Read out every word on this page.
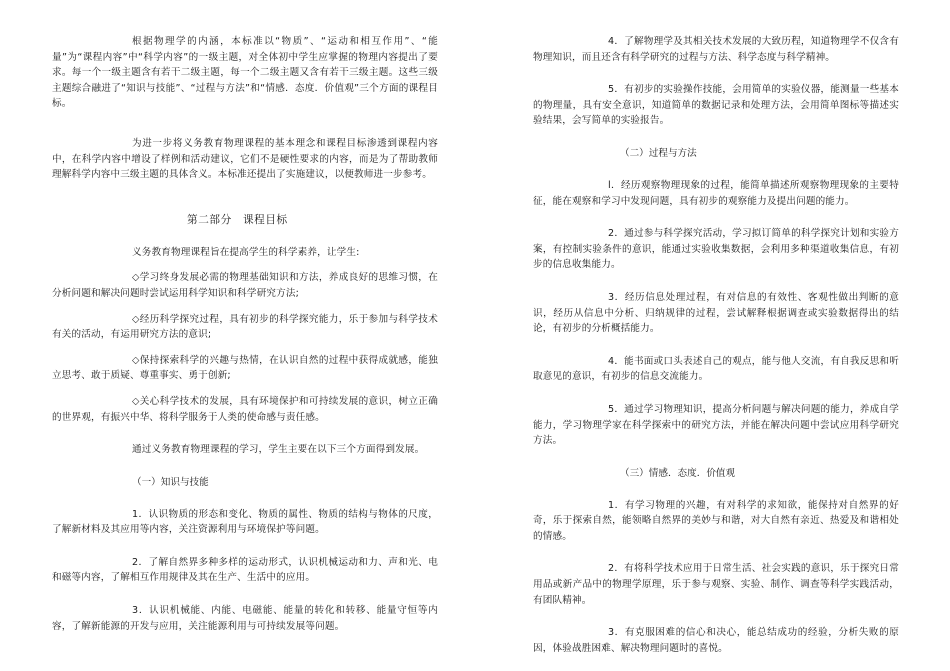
根据物理学的内涵，本标准以“物质”、“运动和相互作用”、“能量”为“课程内容”中“科学内容”的一级主题，对全体初中学生应掌握的物理内容提出了要求。每一个一级主题含有若干二级主题，每一个二级主题又含有若干三级主题。这些三级主题综合融进了“知识与技能”、“过程与方法”和“情感．态度．价值观”三个方面的课程目标。

为进一步将义务教育物理课程的基本理念和课程目标渗透到课程内容中，在科学内容中增设了样例和活动建议，它们不是硬性要求的内容，而是为了帮助教师理解科学内容中三级主题的具体含义。本标准还提出了实施建议，以便教师进一步参考。

第二部分　课程目标

义务教育物理课程旨在提高学生的科学素养，让学生:

◇学习终身发展必需的物理基础知识和方法，养成良好的思维习惯，在分析问题和解决问题时尝试运用科学知识和科学研究方法;

◇经历科学探究过程，具有初步的科学探究能力，乐于参加与科学技术有关的活动，有运用研究方法的意识;

◇保持探索科学的兴趣与热情，在认识自然的过程中获得成就感，能独立思考、敢于质疑、尊重事实、勇于创新;

◇关心科学技术的发展，具有环境保护和可持续发展的意识，树立正确的世界观，有振兴中华、将科学服务于人类的使命感与责任感。

通过义务教育物理课程的学习，学生主要在以下三个方面得到发展。

（一）知识与技能

1．认识物质的形态和变化、物质的属性、物质的结构与物体的尺度，了解新材料及其应用等内容，关注资源利用与环境保护等问题。

2．了解自然界多种多样的运动形式，认识机械运动和力、声和光、电和磁等内容，了解相互作用规律及其在生产、生活中的应用。

3．认识机械能、内能、电磁能、能量的转化和转移、能量守恒等内容，了解新能源的开发与应用，关注能源利用与可持续发展等问题。

4．了解物理学及其相关技术发展的大致历程，知道物理学不仅含有物理知识，而且还含有科学研究的过程与方法、科学态度与科学精神。

5．有初步的实验操作技能，会用简单的实验仪器，能测量一些基本的物理量，具有安全意识，知道简单的数据记录和处理方法，会用简单图标等描述实验结果，会写简单的实验报告。

（二）过程与方法

l．经历观察物理现象的过程，能简单描述所观察物理现象的主要特征，能在观察和学习中发现问题，具有初步的观察能力及提出问题的能力。

2．通过参与科学探究活动，学习拟订简单的科学探究计划和实验方案，有控制实验条件的意识，能通过实验收集数据，会利用多种渠道收集信息，有初步的信息收集能力。

3．经历信息处理过程，有对信息的有效性、客观性做出判断的意识，经历从信息中分析、归纳规律的过程，尝试解释根据调查或实验数据得出的结论，有初步的分析概括能力。

4．能书面或口头表述自己的观点，能与他人交流，有自我反思和听取意见的意识，有初步的信息交流能力。

5．通过学习物理知识，提高分析问题与解决问题的能力，养成自学能力，学习物理学家在科学探索中的研究方法，并能在解决问题中尝试应用科学研究方法。

（三）情感．态度．价值观

1．有学习物理的兴趣，有对科学的求知欲，能保持对自然界的好奇，乐于探索自然，能领略自然界的美妙与和谐，对大自然有亲近、热爱及和谐相处的情感。

2．有将科学技术应用于日常生活、社会实践的意识，乐于探究日常用品或新产品中的物理学原理，乐于参与观察、实验、制作、调查等科学实践活动，有团队精神。

3．有克服困难的信心和决心，能总结成功的经验，分析失败的原因，体验战胜困难、解决物理问题时的喜悦。
